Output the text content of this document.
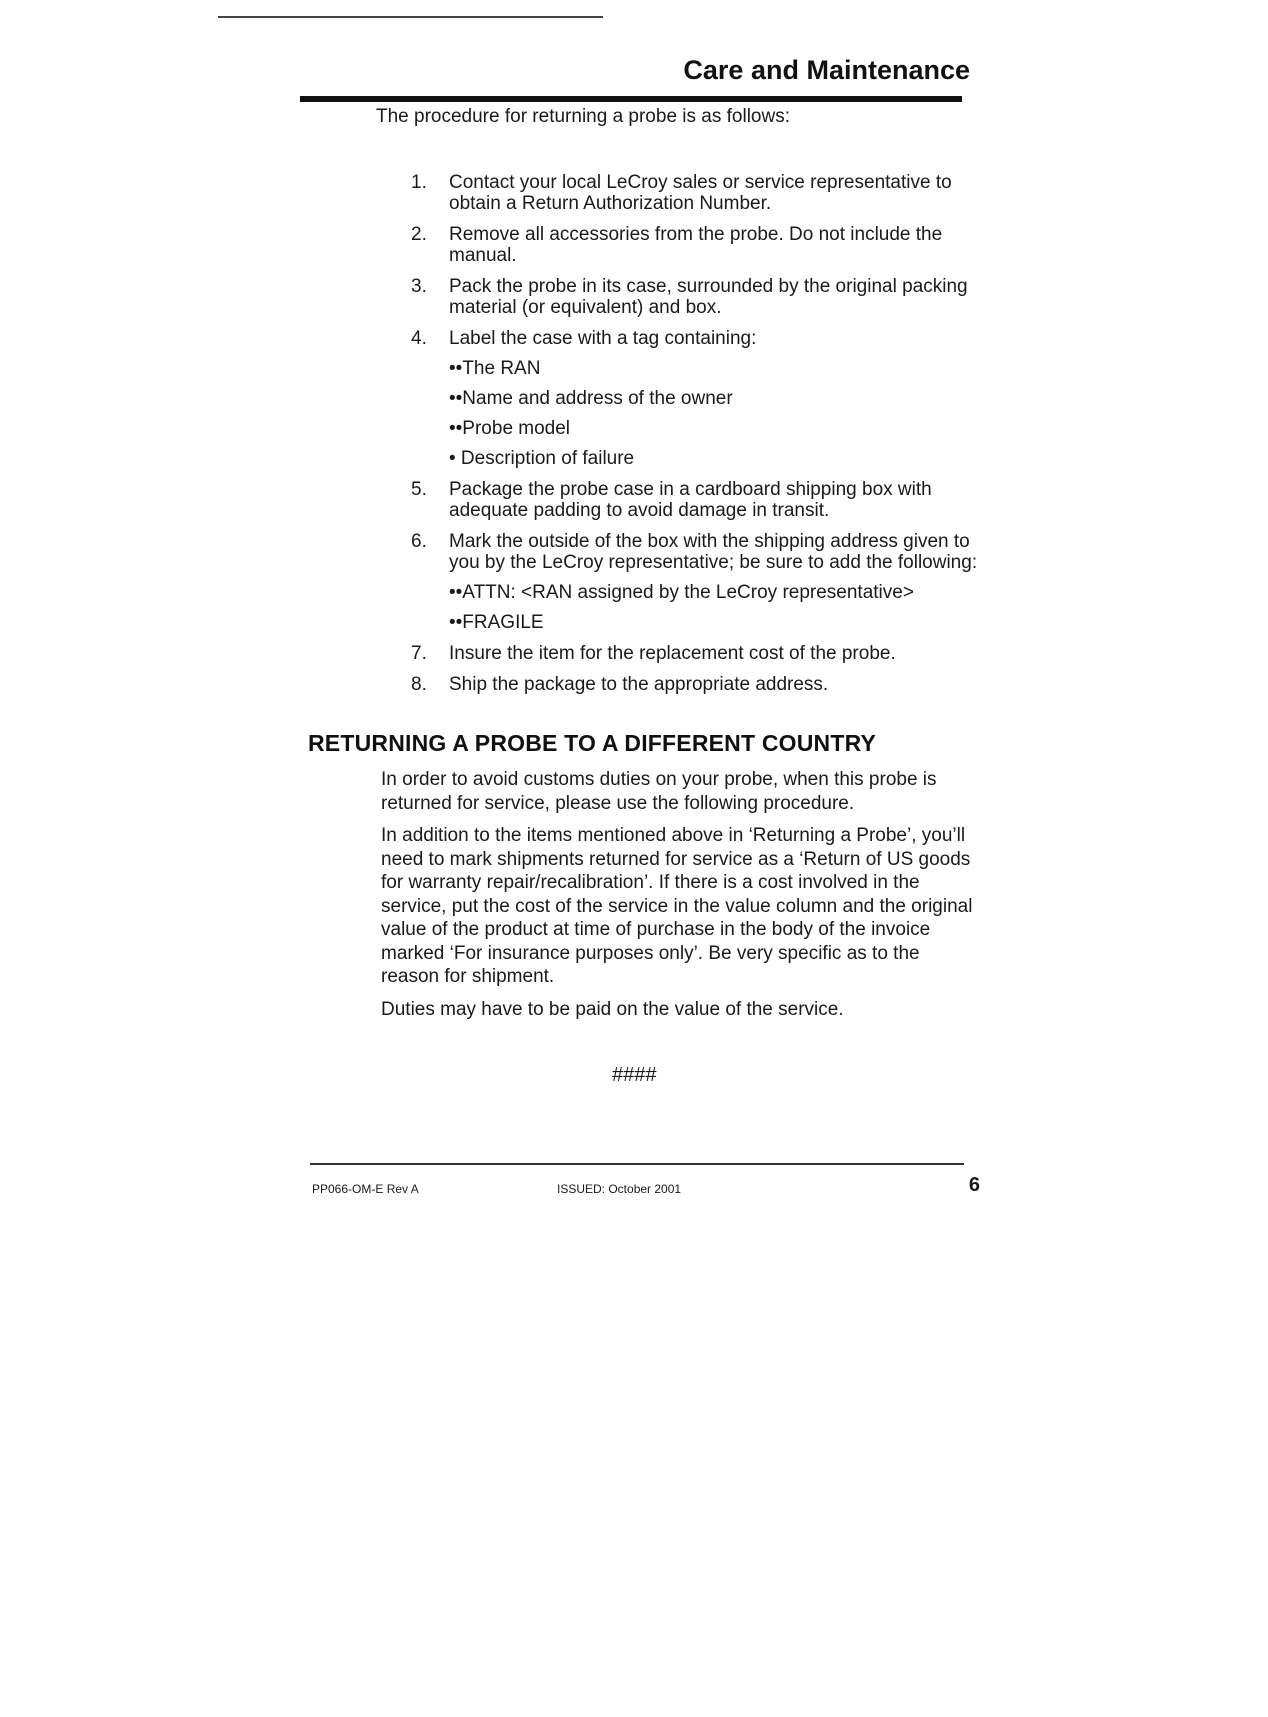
Care and Maintenance

The procedure for returning a probe is as follows:

1. Contact your local LeCroy sales or service representative to obtain a Return Authorization Number.
2. Remove all accessories from the probe. Do not include the manual.
3. Pack the probe in its case, surrounded by the original packing material (or equivalent) and box.
4. Label the case with a tag containing:
••The RAN
••Name and address of the owner
••Probe model
• Description of failure
5. Package the probe case in a cardboard shipping box with adequate padding to avoid damage in transit.
6. Mark the outside of the box with the shipping address given to you by the LeCroy representative; be sure to add the following:
••ATTN: <RAN assigned by the LeCroy representative>
••FRAGILE
7. Insure the item for the replacement cost of the probe.
8. Ship the package to the appropriate address.
RETURNING A PROBE TO A DIFFERENT COUNTRY

In order to avoid customs duties on your probe, when this probe is returned for service, please use the following procedure.

In addition to the items mentioned above in ‘Returning a Probe’, you’ll need to mark shipments returned for service as a ‘Return of US goods for warranty repair/recalibration’. If there is a cost involved in the service, put the cost of the service in the value column and the original value of the product at time of purchase in the body of the invoice marked ‘For insurance purposes only’. Be very specific as to the reason for shipment.

Duties may have to be paid on the value of the service.

####

PP066-OM-E Rev A	ISSUED: October 2001	6
